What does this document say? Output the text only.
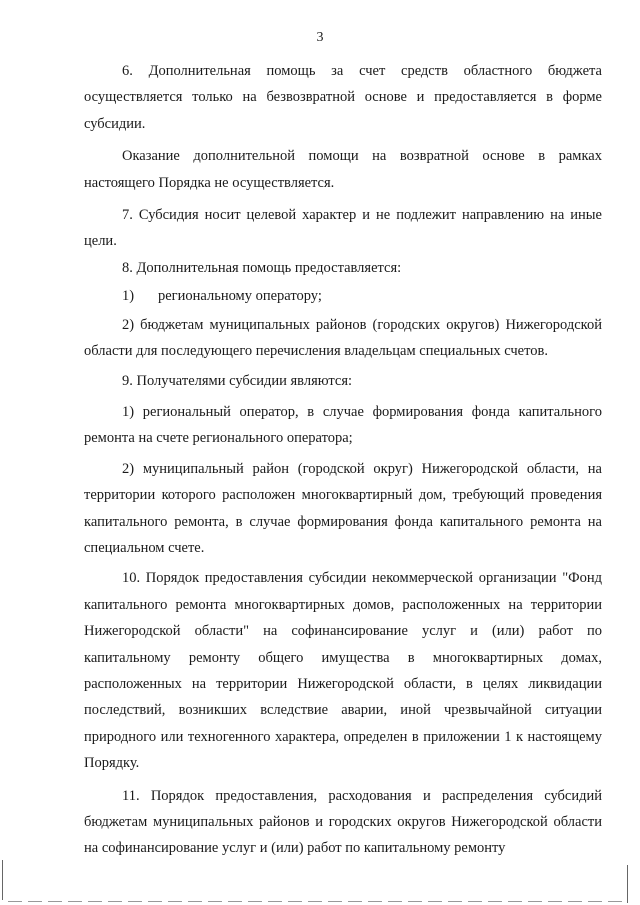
3

6. Дополнительная помощь за счет средств областного бюджета осуществляется только на безвозвратной основе и предоставляется в форме субсидии.

Оказание дополнительной помощи на возвратной основе в рамках настоящего Порядка не осуществляется.

7. Субсидия носит целевой характер и не подлежит направлению на иные цели.

8. Дополнительная помощь предоставляется:

1)	региональному оператору;

2) бюджетам муниципальных районов (городских округов) Нижегородской области для последующего перечисления владельцам специальных счетов.

9. Получателями субсидии являются:

1) региональный оператор, в случае формирования фонда капитального ремонта на счете регионального оператора;

2) муниципальный район (городской округ) Нижегородской области, на территории которого расположен многоквартирный дом, требующий проведения капитального ремонта, в случае формирования фонда капитального ремонта на специальном счете.

10. Порядок предоставления субсидии некоммерческой организации "Фонд капитального ремонта многоквартирных домов, расположенных на территории Нижегородской области" на софинансирование услуг и (или) работ по капитальному ремонту общего имущества в многоквартирных домах, расположенных на территории Нижегородской области, в целях ликвидации последствий, возникших вследствие аварии, иной чрезвычайной ситуации природного или техногенного характера, определен в приложении 1 к настоящему Порядку.

11. Порядок предоставления, расходования и распределения субсидий бюджетам муниципальных районов и городских округов Нижегородской области на софинансирование услуг и (или) работ по капитальному ремонту
